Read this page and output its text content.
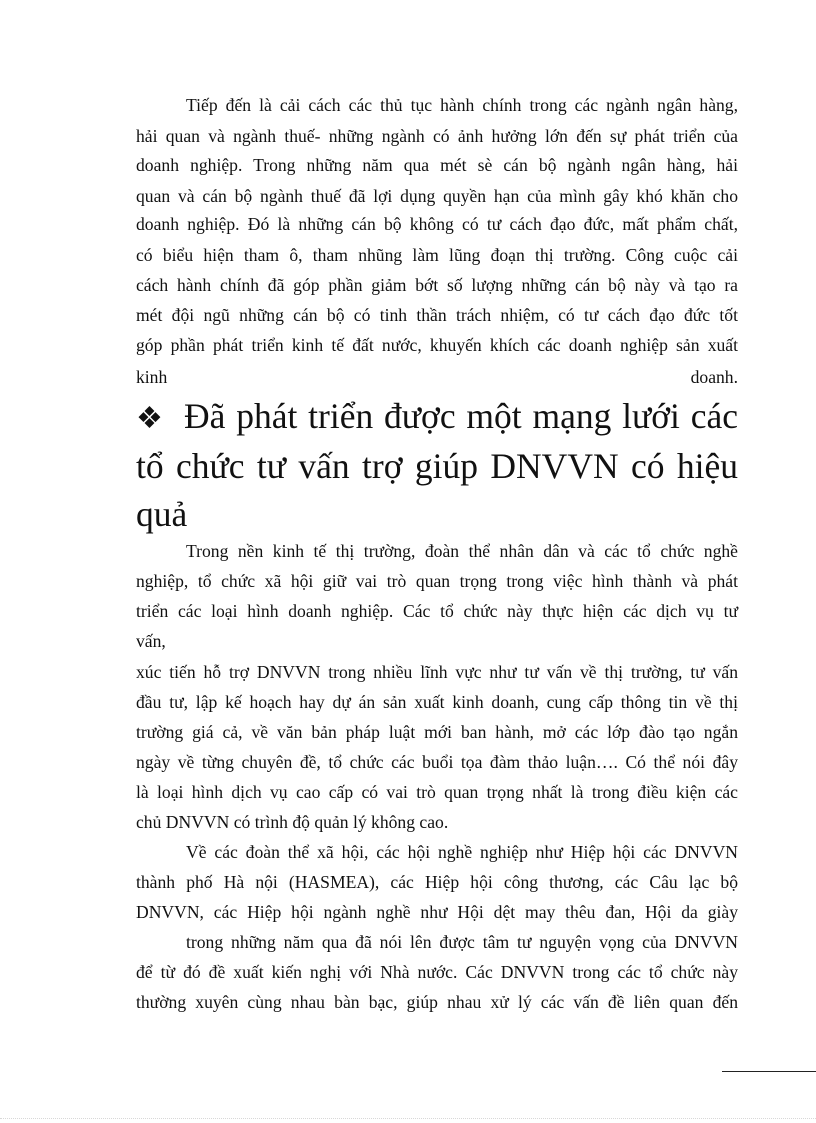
Tiếp đến là cải cách các thủ tục hành chính trong các ngành ngân hàng,
hải quan và ngành thuế- những ngành có ảnh hưởng lớn đến sự phát triển của
doanh nghiệp. Trong những năm qua mét sè cán bộ ngành ngân hàng, hải
quan và cán bộ ngành thuế đã lợi dụng quyền hạn của mình gây khó khăn cho
doanh nghiệp. Đó là những cán bộ không có tư cách đạo đức, mất phẩm chất,
có biểu hiện tham ô, tham nhũng làm lũng đoạn thị trường. Công cuộc cải
cách hành chính đã góp phần giảm bớt số lượng những cán bộ này và tạo ra
mét đội ngũ những cán bộ có tinh thần trách nhiệm, có tư cách đạo đức tốt
góp phần phát triển kinh tế đất nước, khuyến khích các doanh nghiệp sản xuất
kinh	doanh.
❖ Đã phát triển được một mạng lưới các
tổ chức tư vấn trợ giúp DNVVN có hiệu
quả
Trong nền kinh tế thị trường, đoàn thể nhân dân và các tổ chức nghề
nghiệp, tổ chức xã hội giữ vai trò quan trọng trong việc hình thành và phát
triển các loại hình doanh nghiệp. Các tổ chức này thực hiện các dịch vụ tư
vấn,
xúc tiến hỗ trợ DNVVN trong nhiều lĩnh vực như tư vấn về thị trường, tư vấn
đầu tư, lập kế hoạch hay dự án sản xuất kinh doanh, cung cấp thông tin về thị
trường giá cả, về văn bản pháp luật mới ban hành, mở các lớp đào tạo ngắn
ngày về từng chuyên đề, tổ chức các buổi tọa đàm thảo luận…. Có thể nói đây
là loại hình dịch vụ cao cấp có vai trò quan trọng nhất là trong điều kiện các
chủ DNVVN có trình độ quản lý không cao.
Về các đoàn thể xã hội, các hội nghề nghiệp như Hiệp hội các DNVVN
thành phố Hà nội (HASMEA), các Hiệp hội công thương, các Câu lạc bộ
DNVVN, các Hiệp hội ngành nghề như Hội dệt may thêu đan, Hội da giày
trong những năm qua đã nói lên được tâm tư nguyện vọng của DNVVN
để từ đó đề xuất kiến nghị với Nhà nước. Các DNVVN trong các tổ chức này
thường xuyên cùng nhau bàn bạc, giúp nhau xử lý các vấn đề liên quan đến
